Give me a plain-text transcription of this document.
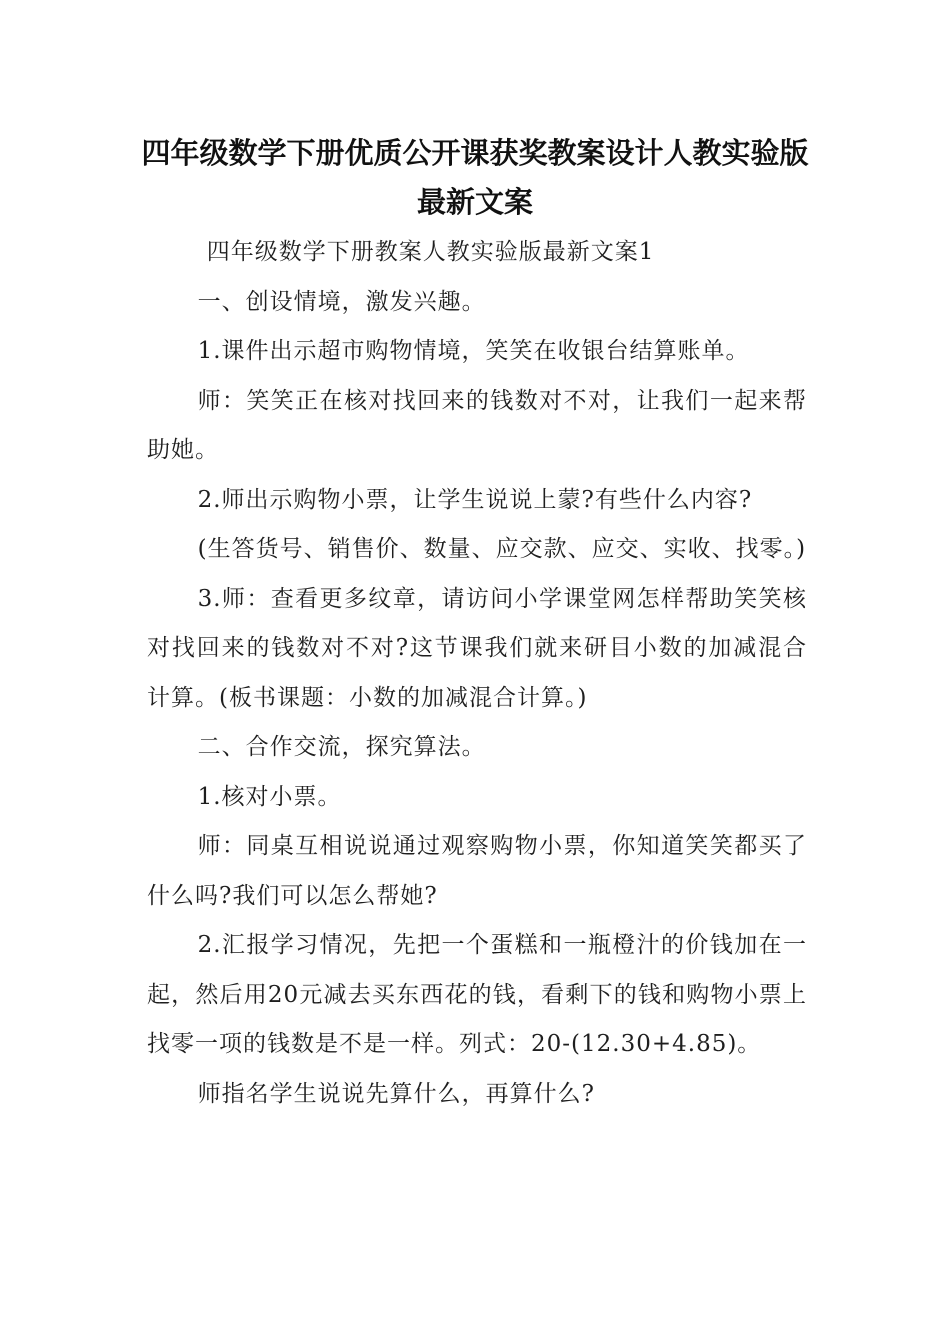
四年级数学下册优质公开课获奖教案设计人教实验版
最新文案

四年级数学下册教案人教实验版最新文案1

一、创设情境，激发兴趣。

1.课件出示超市购物情境，笑笑在收银台结算账单。

师：笑笑正在核对找回来的钱数对不对，让我们一起来帮助她。

2.师出示购物小票，让学生说说上蒙?有些什么内容?

(生答货号、销售价、数量、应交款、应交、实收、找零。)

3.师：查看更多纹章，请访问小学课堂网怎样帮助笑笑核对找回来的钱数对不对?这节课我们就来研目小数的加减混合计算。(板书课题：小数的加减混合计算。)

二、合作交流，探究算法。

1.核对小票。

师：同桌互相说说通过观察购物小票，你知道笑笑都买了什么吗?我们可以怎么帮她?

2.汇报学习情况，先把一个蛋糕和一瓶橙汁的价钱加在一起，然后用20元减去买东西花的钱，看剩下的钱和购物小票上找零一项的钱数是不是一样。列式：20-(12.30+4.85)。

师指名学生说说先算什么，再算什么?
